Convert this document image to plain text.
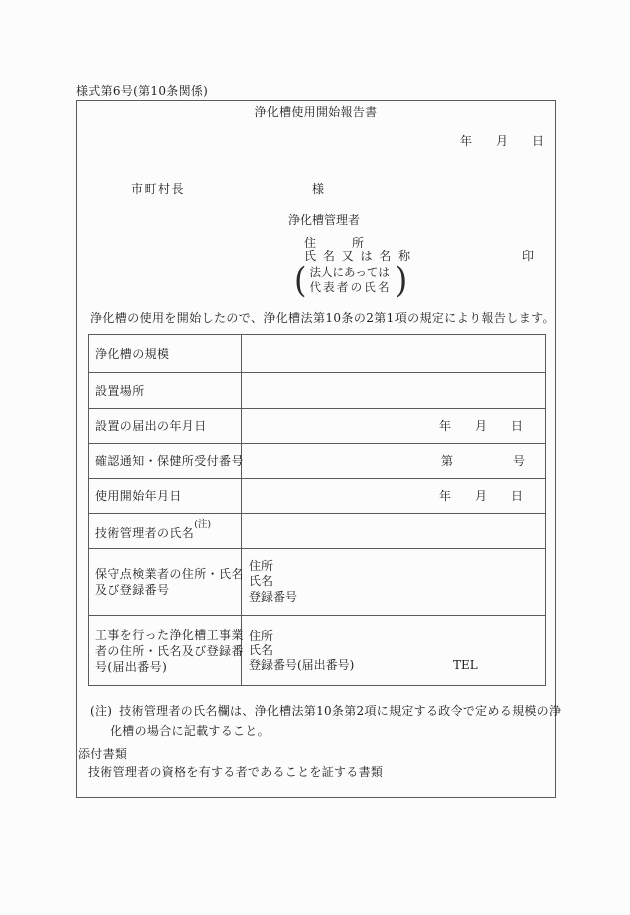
様式第6号(第10条関係)
浄化槽使用開始報告書
年　　月　　日
市町村長	様
浄化槽管理者
住　　　所
氏 名 又 は 名 称	印
( 法人にあっては
代表者の氏名 )
浄化槽の使用を開始したので、浄化槽法第10条の2第1項の規定により報告します。
浄化槽の規模	
設置場所	
設置の届出の年月日	年　　月　　日
確認通知・保健所受付番号	第　　　　　号
使用開始年月日	年　　月　　日
技術管理者の氏名$^{(注)}$	

保守点検業者の住所・氏名
及び登録番号

住所
氏名
登録番号

工事を行った浄化槽工事業
者の住所・氏名及び登録番
号(届出番号)

住所
氏名
登録番号(届出番号)	TEL
(注) 技術管理者の氏名欄は、浄化槽法第10条第2項に規定する政令で定める規模の浄
化槽の場合に記載すること。
添付書類
技術管理者の資格を有する者であることを証する書類
